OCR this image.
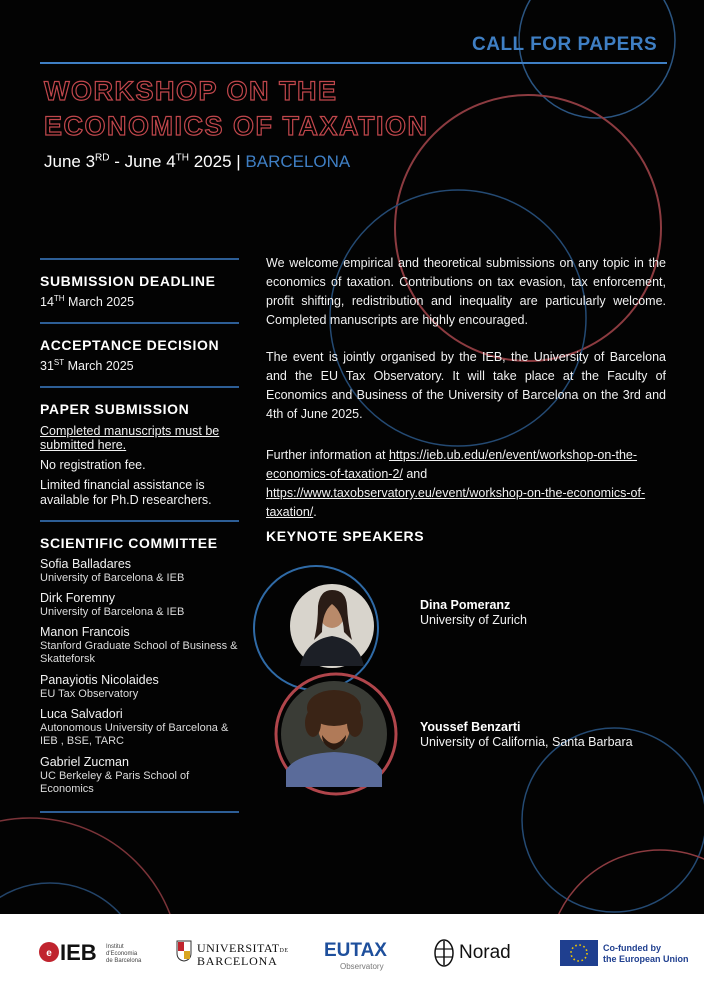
CALL FOR PAPERS
WORKSHOP ON THE
ECONOMICS OF TAXATION
June 3RD - June 4TH 2025 | BARCELONA
SUBMISSION DEADLINE
14TH March 2025
ACCEPTANCE DECISION
31ST March 2025
PAPER SUBMISSION
Completed manuscripts must be
submitted here.
No registration fee.
Limited financial assistance is
available for Ph.D researchers.
SCIENTIFIC COMMITTEE
Sofia Balladares
University of Barcelona & IEB
Dirk Foremny
University of Barcelona & IEB
Manon Francois
Stanford Graduate School of Business & Skatteforsk
Panayiotis Nicolaides
EU Tax Observatory
Luca Salvadori
Autonomous University of Barcelona & IEB , BSE, TARC
Gabriel Zucman
UC Berkeley & Paris School of Economics
We welcome empirical and theoretical submissions on any topic in the economics of taxation. Contributions on tax evasion, tax enforcement, profit shifting, redistribution and inequality are particularly welcome. Completed manuscripts are highly encouraged.
The event is jointly organised by the IEB, the University of Barcelona and the EU Tax Observatory. It will take place at the Faculty of Economics and Business of the University of Barcelona on the 3rd and 4th of June 2025.
Further information at https://ieb.ub.edu/en/event/workshop-on-the-economics-of-taxation-2/ and https://www.taxobservatory.eu/event/workshop-on-the-economics-of-taxation/.
KEYNOTE SPEAKERS
Dina Pomeranz
University of Zurich
Youssef Benzarti
University of California, Santa Barbara
e IEB Institut
d'Economia
de Barcelona
UNIVERSITATDE
BARCELONA EUTAX
Observatory
Norad	Co-funded by
the European Union
